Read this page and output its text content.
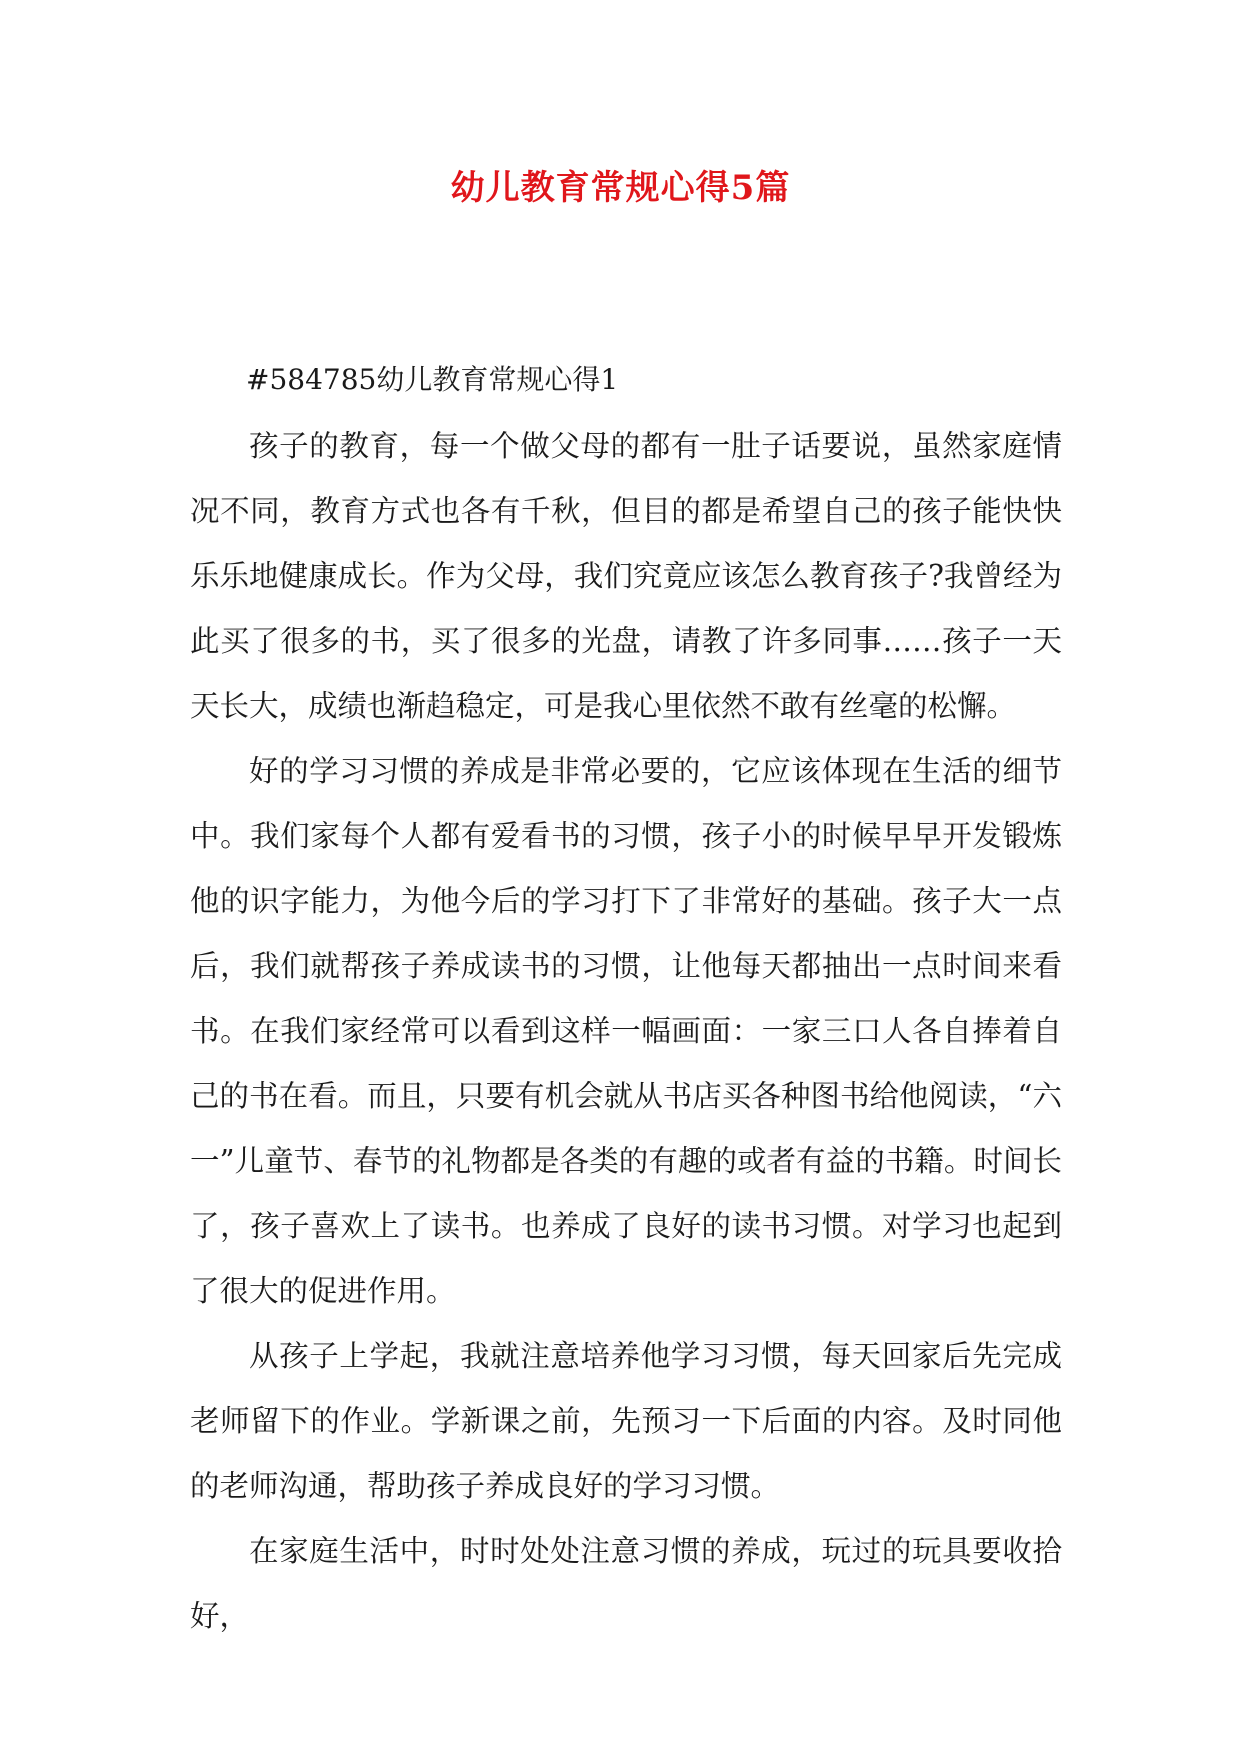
幼儿教育常规心得5篇
#584785幼儿教育常规心得1

孩子的教育，每一个做父母的都有一肚子话要说，虽然家庭情况不同，教育方式也各有千秋，但目的都是希望自己的孩子能快快乐乐地健康成长。作为父母，我们究竟应该怎么教育孩子?我曾经为此买了很多的书，买了很多的光盘，请教了许多同事……孩子一天天长大，成绩也渐趋稳定，可是我心里依然不敢有丝毫的松懈。

好的学习习惯的养成是非常必要的，它应该体现在生活的细节中。我们家每个人都有爱看书的习惯，孩子小的时候早早开发锻炼他的识字能力，为他今后的学习打下了非常好的基础。孩子大一点后，我们就帮孩子养成读书的习惯，让他每天都抽出一点时间来看书。在我们家经常可以看到这样一幅画面：一家三口人各自捧着自己的书在看。而且，只要有机会就从书店买各种图书给他阅读，“六一”儿童节、春节的礼物都是各类的有趣的或者有益的书籍。时间长了，孩子喜欢上了读书。也养成了良好的读书习惯。对学习也起到了很大的促进作用。

从孩子上学起，我就注意培养他学习习惯，每天回家后先完成老师留下的作业。学新课之前，先预习一下后面的内容。及时同他的老师沟通，帮助孩子养成良好的学习习惯。

在家庭生活中，时时处处注意习惯的养成，玩过的玩具要收拾好，
